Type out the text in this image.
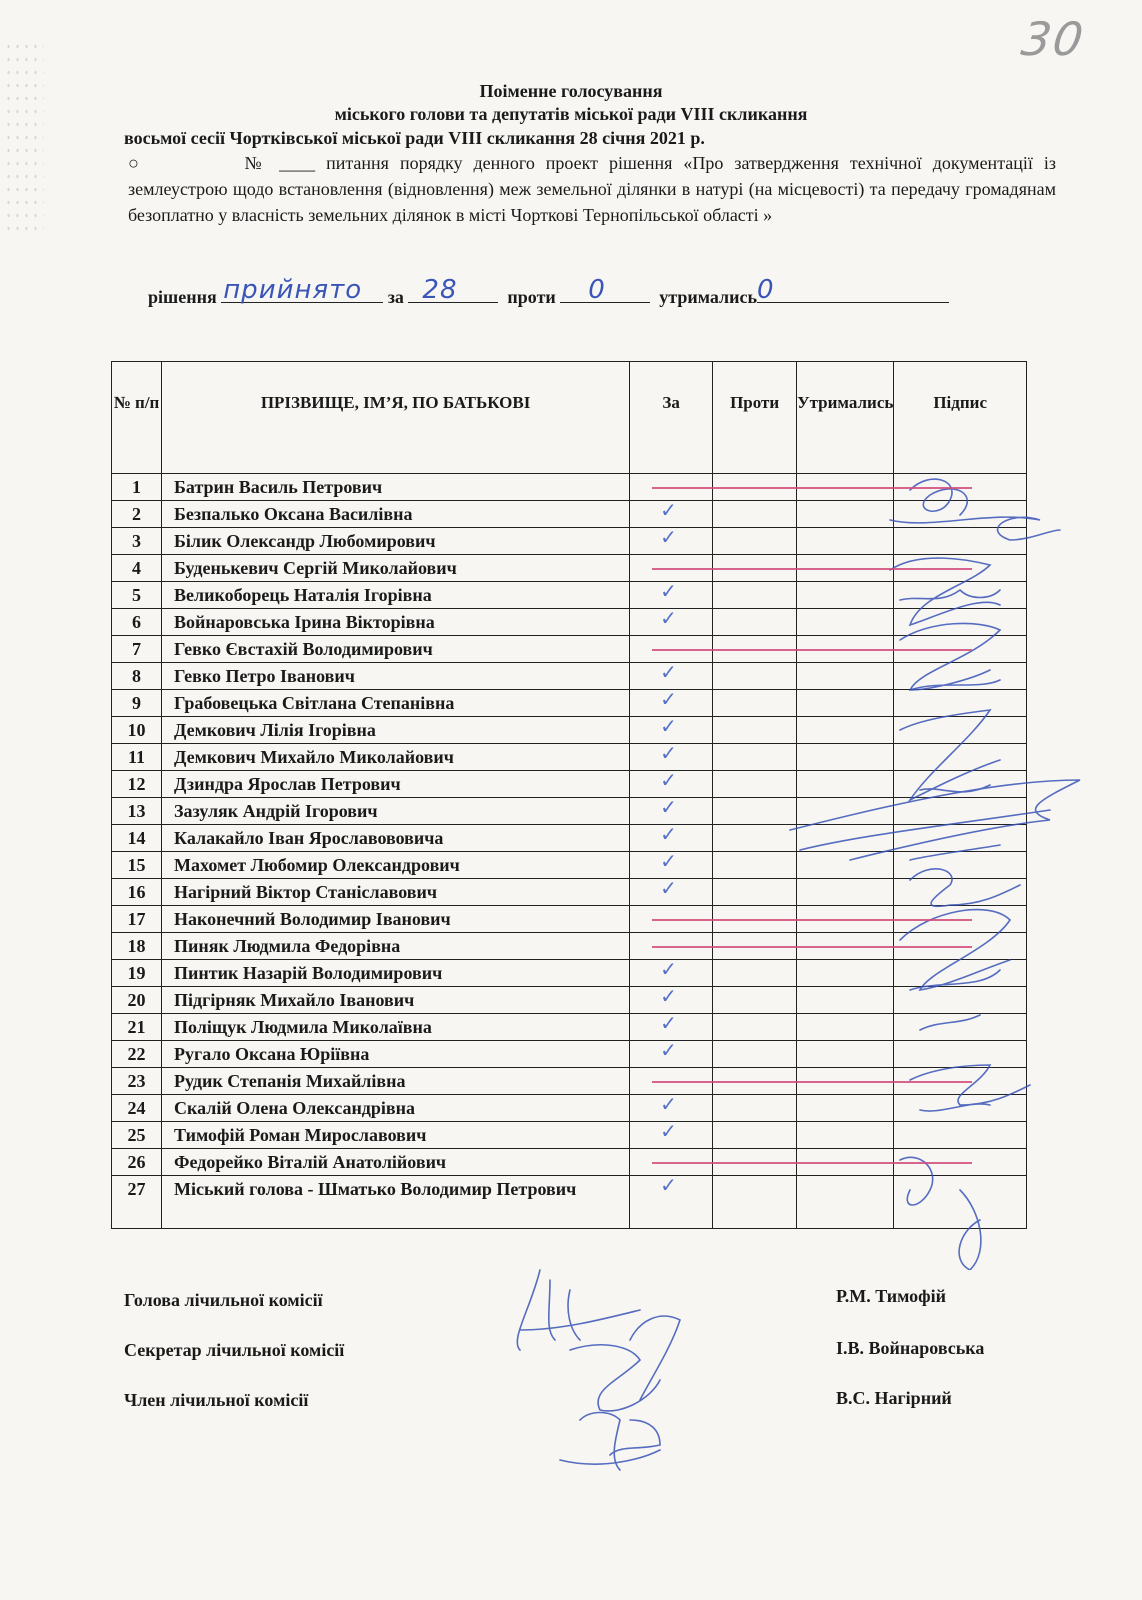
30
Поіменне голосування
міського голови та депутатів міської ради VIII скликання
восьмої сесії Чортківської міської ради VIII скликання 28 січня 2021 р.
○	№ ____ питання порядку денного проект рішення «Про затвердження технічної документації із землеустрою щодо встановлення (відновлення) меж земельної ділянки в натурі (на місцевості) та передачу громадянам безоплатно у власність земельних ділянок в місті Чорткові Тернопільської області »
рішення прийнято за 28	проти 0	утримались 0
№ п/п	ПРІЗВИЩЕ, ІМ’Я, ПО БАТЬКОВІ	За	Проти	Утримались	Підпис
1	Батрин Василь Петрович				
2	Безпалько Оксана Василівна	✓			

3	Білик Олександр Любомирович	✓			

4	Буденькевич Сергій Миколайович				
5	Великоборець Наталія Ігорівна	✓			

6	Войнаровська Ірина Вікторівна	✓			

7	Гевко Євстахій Володимирович				
8	Гевко Петро Іванович	✓			

9	Грабовецька Світлана Степанівна	✓			

10	Демкович Лілія Ігорівна	✓			

11	Демкович Михайло Миколайович	✓			

12	Дзиндра Ярослав Петрович	✓			

13	Зазуляк Андрій Ігорович	✓			

14	Калакайло Іван Ярославововича	✓			

15	Махомет Любомир Олександрович	✓			

16	Нагірний Віктор Станіславович	✓			

17	Наконечний Володимир Іванович				
18	Пиняк Людмила Федорівна				
19	Пинтик Назарій Володимирович	✓			

20	Підгірняк Михайло Іванович	✓			

21	Поліщук Людмила Миколаївна	✓			

22	Ругало Оксана Юріївна	✓			

23	Рудик Степанія Михайлівна				
24	Скалій Олена Олександрівна	✓			

25	Тимофій Роман Мирославович	✓			

26	Федорейко Віталій Анатолійович				
27	Міський голова - Шматько Володимир Петрович	✓			

Голова лічильної комісії
Секретар лічильної комісії
Член лічильної комісії
Р.М. Тимофій
І.В. Войнаровська
В.С. Нагірний
